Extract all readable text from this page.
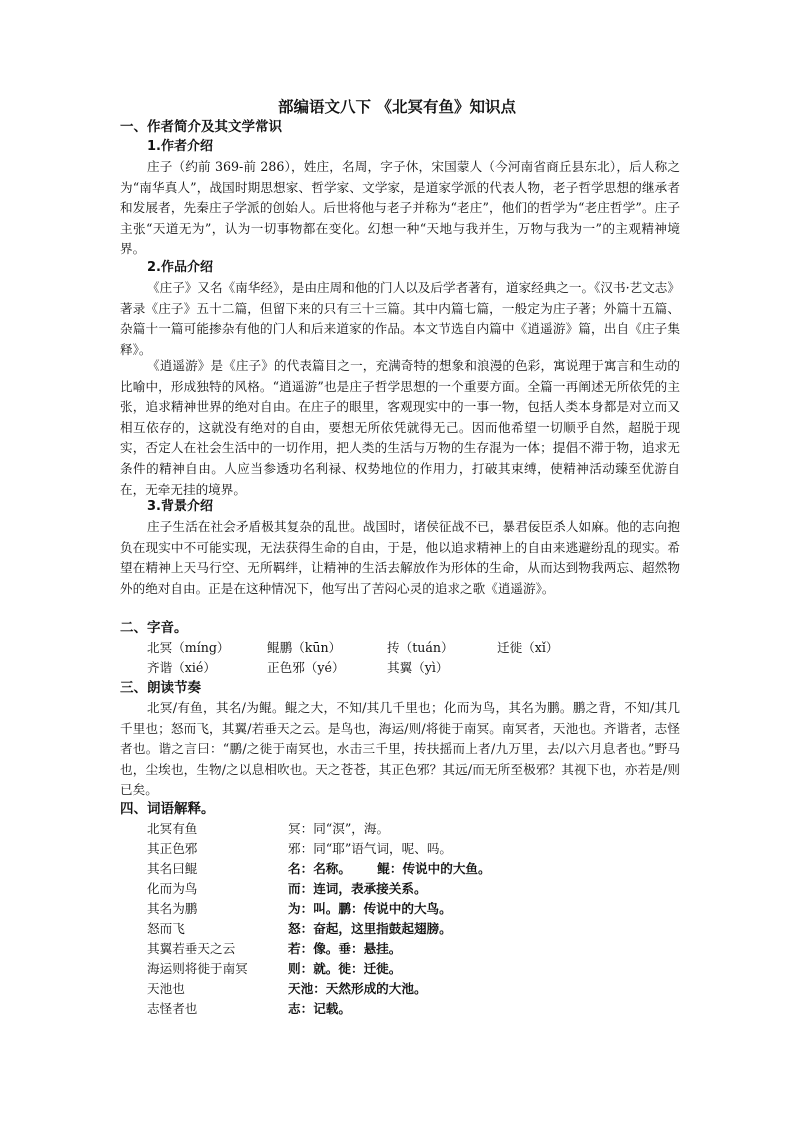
部编语文八下 《北冥有鱼》知识点
一、作者简介及其文学常识
1.作者介绍

庄子（约前 369-前 286），姓庄，名周，字子休，宋国蒙人（今河南省商丘县东北），后人称之为“南华真人”，战国时期思想家、哲学家、文学家，是道家学派的代表人物，老子哲学思想的继承者和发展者，先秦庄子学派的创始人。后世将他与老子并称为“老庄”，他们的哲学为“老庄哲学”。庄子主张“天道无为”，认为一切事物都在变化。幻想一种“天地与我并生，万物与我为一”的主观精神境界。

2.作品介绍

《庄子》又名《南华经》，是由庄周和他的门人以及后学者著有，道家经典之一。《汉书·艺文志》著录《庄子》五十二篇，但留下来的只有三十三篇。其中内篇七篇，一般定为庄子著；外篇十五篇、杂篇十一篇可能掺杂有他的门人和后来道家的作品。本文节选自内篇中《逍遥游》篇，出自《庄子集释》。

《逍遥游》是《庄子》的代表篇目之一，充满奇特的想象和浪漫的色彩，寓说理于寓言和生动的比喻中，形成独特的风格。“逍遥游”也是庄子哲学思想的一个重要方面。全篇一再阐述无所依凭的主张，追求精神世界的绝对自由。在庄子的眼里，客观现实中的一事一物，包括人类本身都是对立而又相互依存的，这就没有绝对的自由，要想无所依凭就得无己。因而他希望一切顺乎自然，超脱于现实，否定人在社会生活中的一切作用，把人类的生活与万物的生存混为一体；提倡不滞于物，追求无条件的精神自由。人应当参透功名利禄、权势地位的作用力，打破其束缚，使精神活动臻至优游自在，无牵无挂的境界。

3.背景介绍

庄子生活在社会矛盾极其复杂的乱世。战国时，诸侯征战不已，暴君佞臣杀人如麻。他的志向抱负在现实中不可能实现，无法获得生命的自由，于是，他以追求精神上的自由来逃避纷乱的现实。希望在精神上天马行空、无所羁绊，让精神的生活去解放作为形体的生命，从而达到物我两忘、超然物外的绝对自由。正是在这种情况下，他写出了苦闷心灵的追求之歌《逍遥游》。

二、字音。
北冥（míng）	鲲鹏（kūn）	抟（tuán）	迁徙（xǐ）
齐谐（xié）	正色邪（yé）	其翼（yì）
三、朗读节奏

北冥/有鱼，其名/为鲲。鲲之大，不知/其几千里也；化而为鸟，其名为鹏。鹏之背，不知/其几千里也；怒而飞，其翼/若垂天之云。是鸟也，海运/则/将徙于南冥。南冥者，天池也。齐谐者，志怪者也。谐之言曰：“鹏/之徙于南冥也，水击三千里，抟扶摇而上者/九万里，去/以六月息者也。”野马也，尘埃也，生物/之以息相吹也。天之苍苍，其正色邪？其远/而无所至极邪？其视下也，亦若是/则已矣。

四、词语解释。
北冥有鱼	冥：同“溟”，海。
其正色邪	邪：同“耶”语气词，呢、吗。
其名曰鲲	名：名称。      鲲：传说中的大鱼。
化而为鸟	而：连词，表承接关系。
其名为鹏	为：叫。鹏：传说中的大鸟。
怒而飞	怒：奋起，这里指鼓起翅膀。
其翼若垂天之云	若：像。垂：悬挂。
海运则将徙于南冥	则：就。徙：迁徙。
天池也	天池：天然形成的大池。
志怪者也	志：记载。
